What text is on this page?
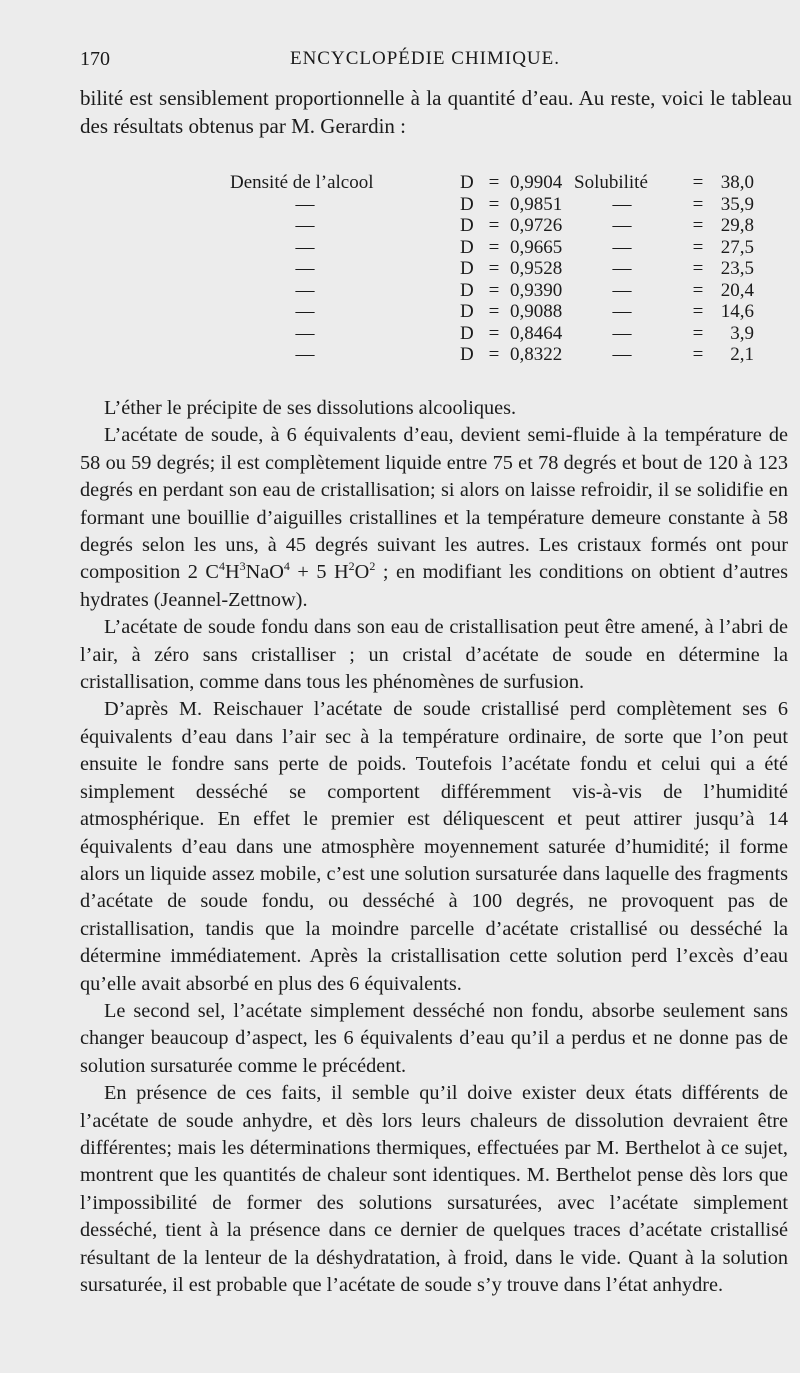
ENCYCLOPÉDIE CHIMIQUE.
170

bilité est sensiblement proportionnelle à la quantité d’eau. Au reste, voici le tableau des résultats obtenus par M. Gerardin :

Densité de l’alcool	D	=	0,9904	Solubilité	=	38,0
—	D	=	0,9851	—	=	35,9
—	D	=	0,9726	—	=	29,8
—	D	=	0,9665	—	=	27,5
—	D	=	0,9528	—	=	23,5
—	D	=	0,9390	—	=	20,4
—	D	=	0,9088	—	=	14,6
—	D	=	0,8464	—	=	3,9
—	D	=	0,8322	—	=	2,1

L’éther le précipite de ses dissolutions alcooliques.

L’acétate de soude, à 6 équivalents d’eau, devient semi-fluide à la température de 58 ou 59 degrés; il est complètement liquide entre 75 et 78 degrés et bout de 120 à 123 degrés en perdant son eau de cristallisation; si alors on laisse refroidir, il se solidifie en formant une bouillie d’aiguilles cristallines et la température demeure constante à 58 degrés selon les uns, à 45 degrés suivant les autres. Les cristaux formés ont pour composition 2 $C^4H^3NaO^4 + 5$ $H^2O^2$ ; en modifiant les conditions on obtient d’autres hydrates (Jeannel-Zettnow).

L’acétate de soude fondu dans son eau de cristallisation peut être amené, à l’abri de l’air, à zéro sans cristalliser ; un cristal d’acétate de soude en détermine la cristallisation, comme dans tous les phénomènes de surfusion.

D’après M. Reischauer l’acétate de soude cristallisé perd complètement ses 6 équivalents d’eau dans l’air sec à la température ordinaire, de sorte que l’on peut ensuite le fondre sans perte de poids. Toutefois l’acétate fondu et celui qui a été simplement desséché se comportent différemment vis-à-vis de l’humidité atmosphérique. En effet le premier est déliquescent et peut attirer jusqu’à 14 équivalents d’eau dans une atmosphère moyennement saturée d’humidité; il forme alors un liquide assez mobile, c’est une solution sursaturée dans laquelle des fragments d’acétate de soude fondu, ou desséché à 100 degrés, ne provoquent pas de cristallisation, tandis que la moindre parcelle d’acétate cristallisé ou desséché la détermine immédiatement. Après la cristallisation cette solution perd l’excès d’eau qu’elle avait absorbé en plus des 6 équivalents.

Le second sel, l’acétate simplement desséché non fondu, absorbe seulement sans changer beaucoup d’aspect, les 6 équivalents d’eau qu’il a perdus et ne donne pas de solution sursaturée comme le précédent.

En présence de ces faits, il semble qu’il doive exister deux états différents de l’acétate de soude anhydre, et dès lors leurs chaleurs de dissolution devraient être différentes; mais les déterminations thermiques, effectuées par M. Berthelot à ce sujet, montrent que les quantités de chaleur sont identiques. M. Berthelot pense dès lors que l’impossibilité de former des solutions sursaturées, avec l’acétate simplement desséché, tient à la présence dans ce dernier de quelques traces d’acétate cristallisé résultant de la lenteur de la déshydratation, à froid, dans le vide. Quant à la solution sursaturée, il est probable que l’acétate de soude s’y trouve dans l’état anhydre.
